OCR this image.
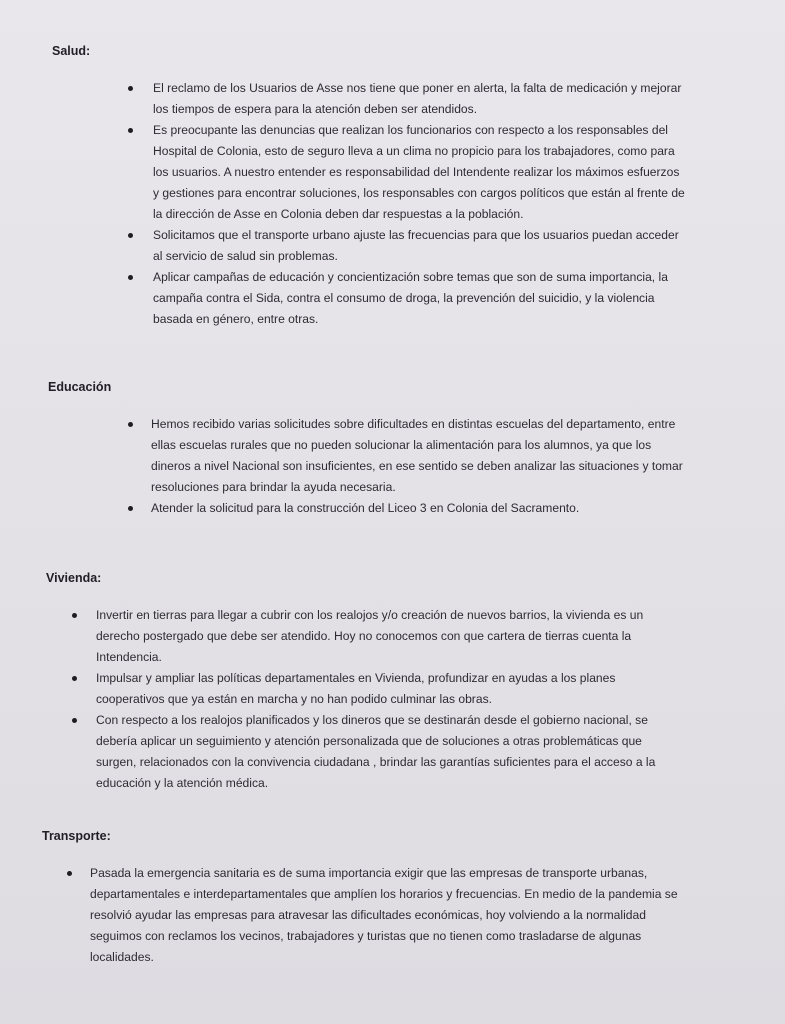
Salud:

El reclamo de los Usuarios de Asse nos tiene que poner en alerta, la falta de medicación y mejorar los tiempos de espera para la atención deben ser atendidos.
Es preocupante las denuncias que realizan los funcionarios con respecto a los responsables del Hospital de Colonia, esto de seguro lleva a un clima no propicio para los trabajadores, como para los usuarios. A nuestro entender es responsabilidad del Intendente realizar los máximos esfuerzos y gestiones para encontrar soluciones, los responsables con cargos políticos que están al frente de la dirección de Asse en Colonia deben dar respuestas a la población.
Solicitamos que el transporte urbano ajuste las frecuencias para que los usuarios puedan acceder al servicio de salud sin problemas.
Aplicar campañas de educación y concientización sobre temas que son de suma importancia, la campaña contra el Sida, contra el consumo de droga, la prevención del suicidio, y la violencia basada en género, entre otras.

Educación

Hemos recibido varias solicitudes sobre dificultades en distintas escuelas del departamento, entre ellas escuelas rurales que no pueden solucionar la alimentación para los alumnos, ya que los dineros a nivel Nacional son insuficientes, en ese sentido se deben analizar las situaciones y tomar resoluciones para brindar la ayuda necesaria.
Atender la solicitud para la construcción del Liceo 3 en Colonia del Sacramento.

Vivienda:

Invertir en tierras para llegar a cubrir con los realojos y/o creación de nuevos barrios, la vivienda es un derecho postergado que debe ser atendido. Hoy no conocemos con que cartera de tierras cuenta la Intendencia.
Impulsar y ampliar las políticas departamentales en Vivienda, profundizar en ayudas a los planes cooperativos que ya están en marcha y no han podido culminar las obras.
Con respecto a los realojos planificados y los dineros que se destinarán desde el gobierno nacional, se debería aplicar un seguimiento y atención personalizada que de soluciones a otras problemáticas que surgen, relacionados con la convivencia ciudadana , brindar las garantías suficientes para el acceso a la educación y la atención médica.

Transporte:

Pasada la emergencia sanitaria es de suma importancia exigir que las empresas de transporte urbanas, departamentales e interdepartamentales que amplíen los horarios y frecuencias. En medio de la pandemia se resolvió ayudar las empresas para atravesar las dificultades económicas, hoy volviendo a la normalidad seguimos con reclamos los vecinos, trabajadores y turistas que no tienen como trasladarse de algunas localidades.
